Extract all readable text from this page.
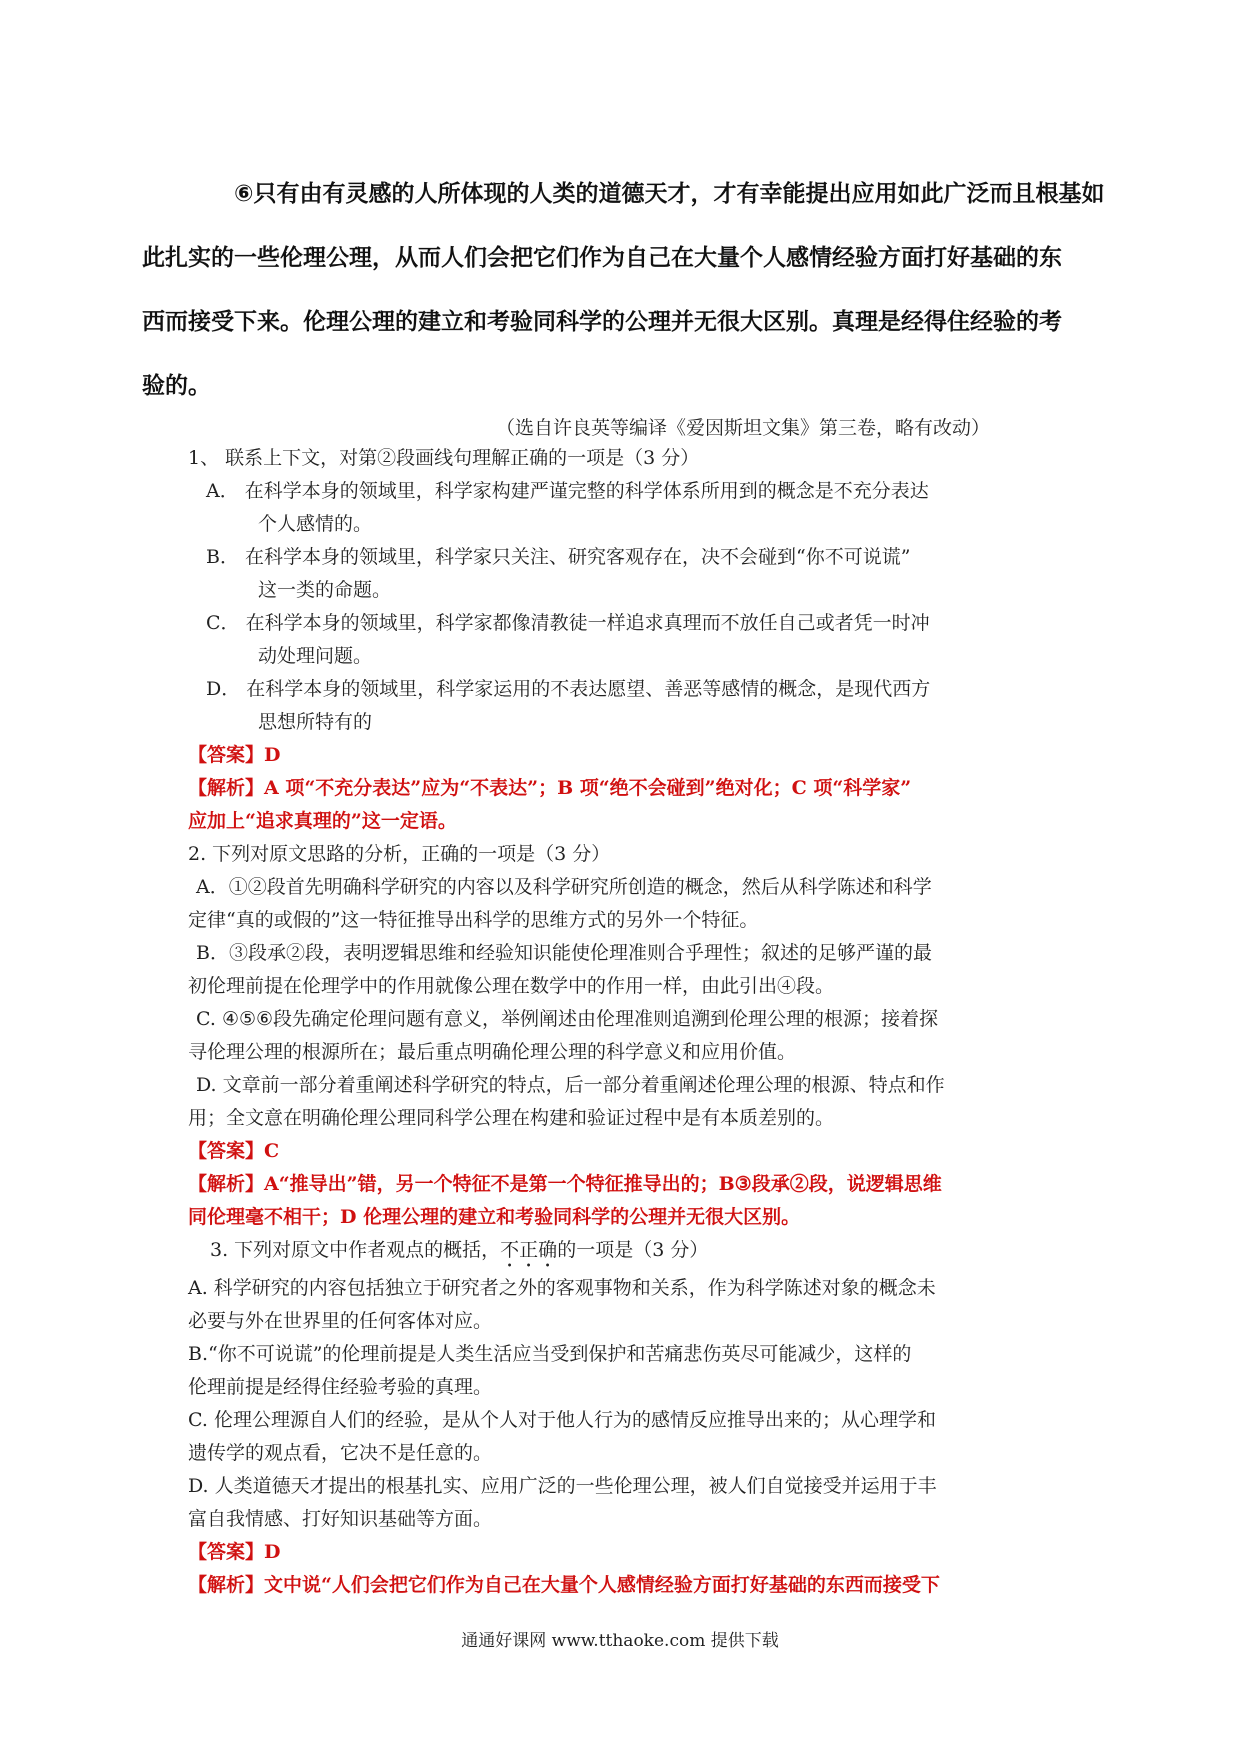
⑥只有由有灵感的人所体现的人类的道德天才，才有幸能提出应用如此广泛而且根基如
此扎实的一些伦理公理，从而人们会把它们作为自己在大量个人感情经验方面打好基础的东
西而接受下来。伦理公理的建立和考验同科学的公理并无很大区别。真理是经得住经验的考
验的。
（选自许良英等编译《爱因斯坦文集》第三卷，略有改动）
1、 联系上下文，对第②段画线句理解正确的一项是（3 分）
A． 在科学本身的领域里，科学家构建严谨完整的科学体系所用到的概念是不充分表达
个人感情的。
B． 在科学本身的领域里，科学家只关注、研究客观存在，决不会碰到“你不可说谎”
这一类的命题。
C． 在科学本身的领域里，科学家都像清教徒一样追求真理而不放任自己或者凭一时冲
动处理问题。
D． 在科学本身的领域里，科学家运用的不表达愿望、善恶等感情的概念，是现代西方
思想所特有的
【答案】D
【解析】A 项“不充分表达”应为“不表达”；B 项“绝不会碰到”绝对化；C 项“科学家”
应加上“追求真理的”这一定语。
2. 下列对原文思路的分析，正确的一项是（3 分）
A．①②段首先明确科学研究的内容以及科学研究所创造的概念，然后从科学陈述和科学
定律“真的或假的”这一特征推导出科学的思维方式的另外一个特征。
B．③段承②段，表明逻辑思维和经验知识能使伦理准则合乎理性；叙述的足够严谨的最
初伦理前提在伦理学中的作用就像公理在数学中的作用一样，由此引出④段。
C. ④⑤⑥段先确定伦理问题有意义，举例阐述由伦理准则追溯到伦理公理的根源；接着探
寻伦理公理的根源所在；最后重点明确伦理公理的科学意义和应用价值。
D. 文章前一部分着重阐述科学研究的特点，后一部分着重阐述伦理公理的根源、特点和作
用；全文意在明确伦理公理同科学公理在构建和验证过程中是有本质差别的。
【答案】C
【解析】A“推导出”错，另一个特征不是第一个特征推导出的；B③段承②段，说逻辑思维
同伦理毫不相干；D 伦理公理的建立和考验同科学的公理并无很大区别。
3. 下列对原文中作者观点的概括，不正确的一项是（3 分）
A. 科学研究的内容包括独立于研究者之外的客观事物和关系，作为科学陈述对象的概念未
必要与外在世界里的任何客体对应。
B.“你不可说谎”的伦理前提是人类生活应当受到保护和苦痛悲伤英尽可能减少，这样的
伦理前提是经得住经验考验的真理。
C. 伦理公理源自人们的经验，是从个人对于他人行为的感情反应推导出来的；从心理学和
遗传学的观点看，它决不是任意的。
D. 人类道德天才提出的根基扎实、应用广泛的一些伦理公理，被人们自觉接受并运用于丰
富自我情感、打好知识基础等方面。
【答案】D
【解析】文中说“人们会把它们作为自己在大量个人感情经验方面打好基础的东西而接受下
通通好课网 www.tthaoke.com 提供下载
